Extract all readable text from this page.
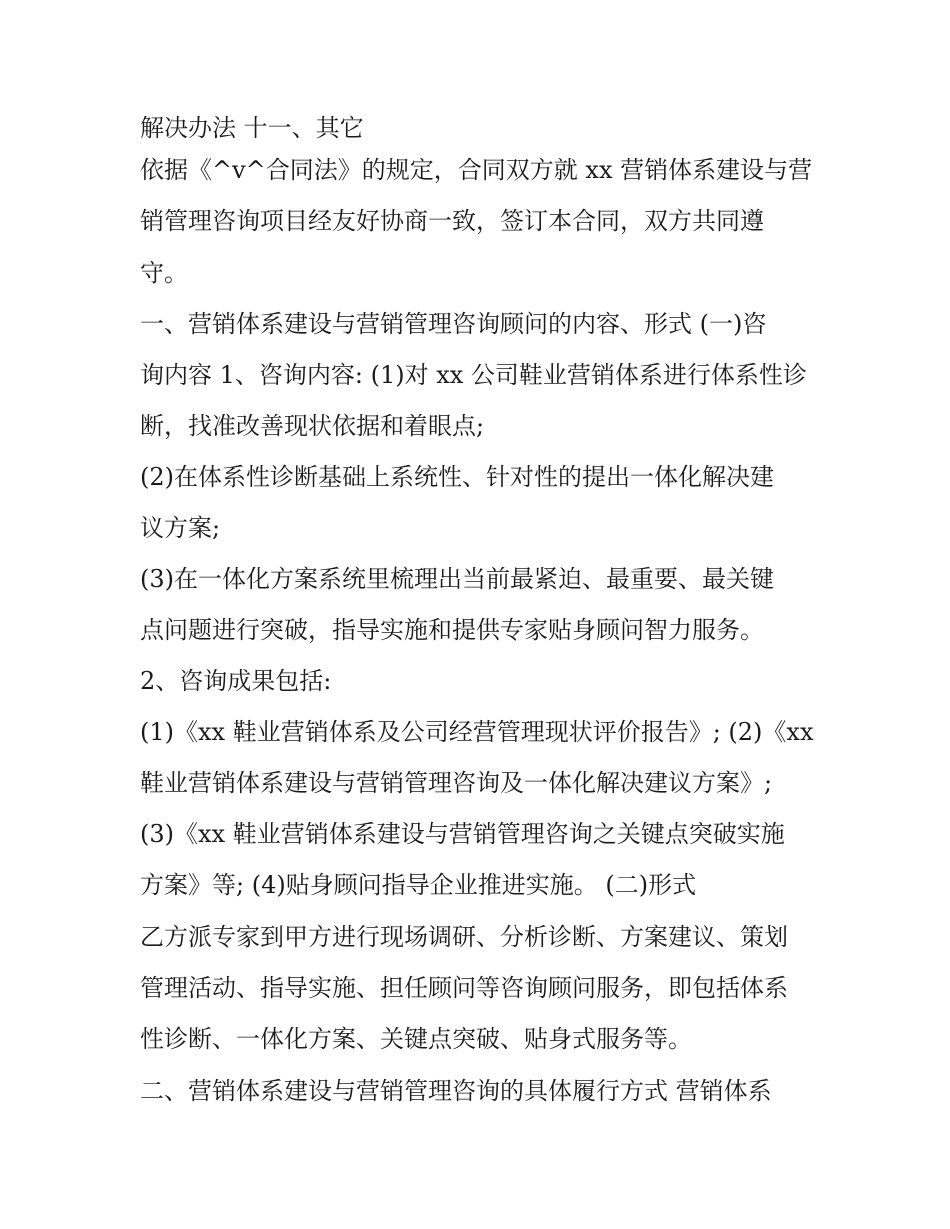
解决办法 十一、其它
依据《^v^合同法》的规定，合同双方就 xx 营销体系建设与营
销管理咨询项目经友好协商一致，签订本合同，双方共同遵
守。
一、营销体系建设与营销管理咨询顾问的内容、形式 (一)咨
询内容 1、咨询内容: (1)对 xx 公司鞋业营销体系进行体系性诊
断，找准改善现状依据和着眼点;
(2)在体系性诊断基础上系统性、针对性的提出一体化解决建
议方案;
(3)在一体化方案系统里梳理出当前最紧迫、最重要、最关键
点问题进行突破，指导实施和提供专家贴身顾问智力服务。
2、咨询成果包括:
(1)《xx 鞋业营销体系及公司经营管理现状评价报告》; (2)《xx
鞋业营销体系建设与营销管理咨询及一体化解决建议方案》;
(3)《xx 鞋业营销体系建设与营销管理咨询之关键点突破实施
方案》等; (4)贴身顾问指导企业推进实施。 (二)形式
乙方派专家到甲方进行现场调研、分析诊断、方案建议、策划
管理活动、指导实施、担任顾问等咨询顾问服务，即包括体系
性诊断、一体化方案、关键点突破、贴身式服务等。
二、营销体系建设与营销管理咨询的具体履行方式 营销体系
